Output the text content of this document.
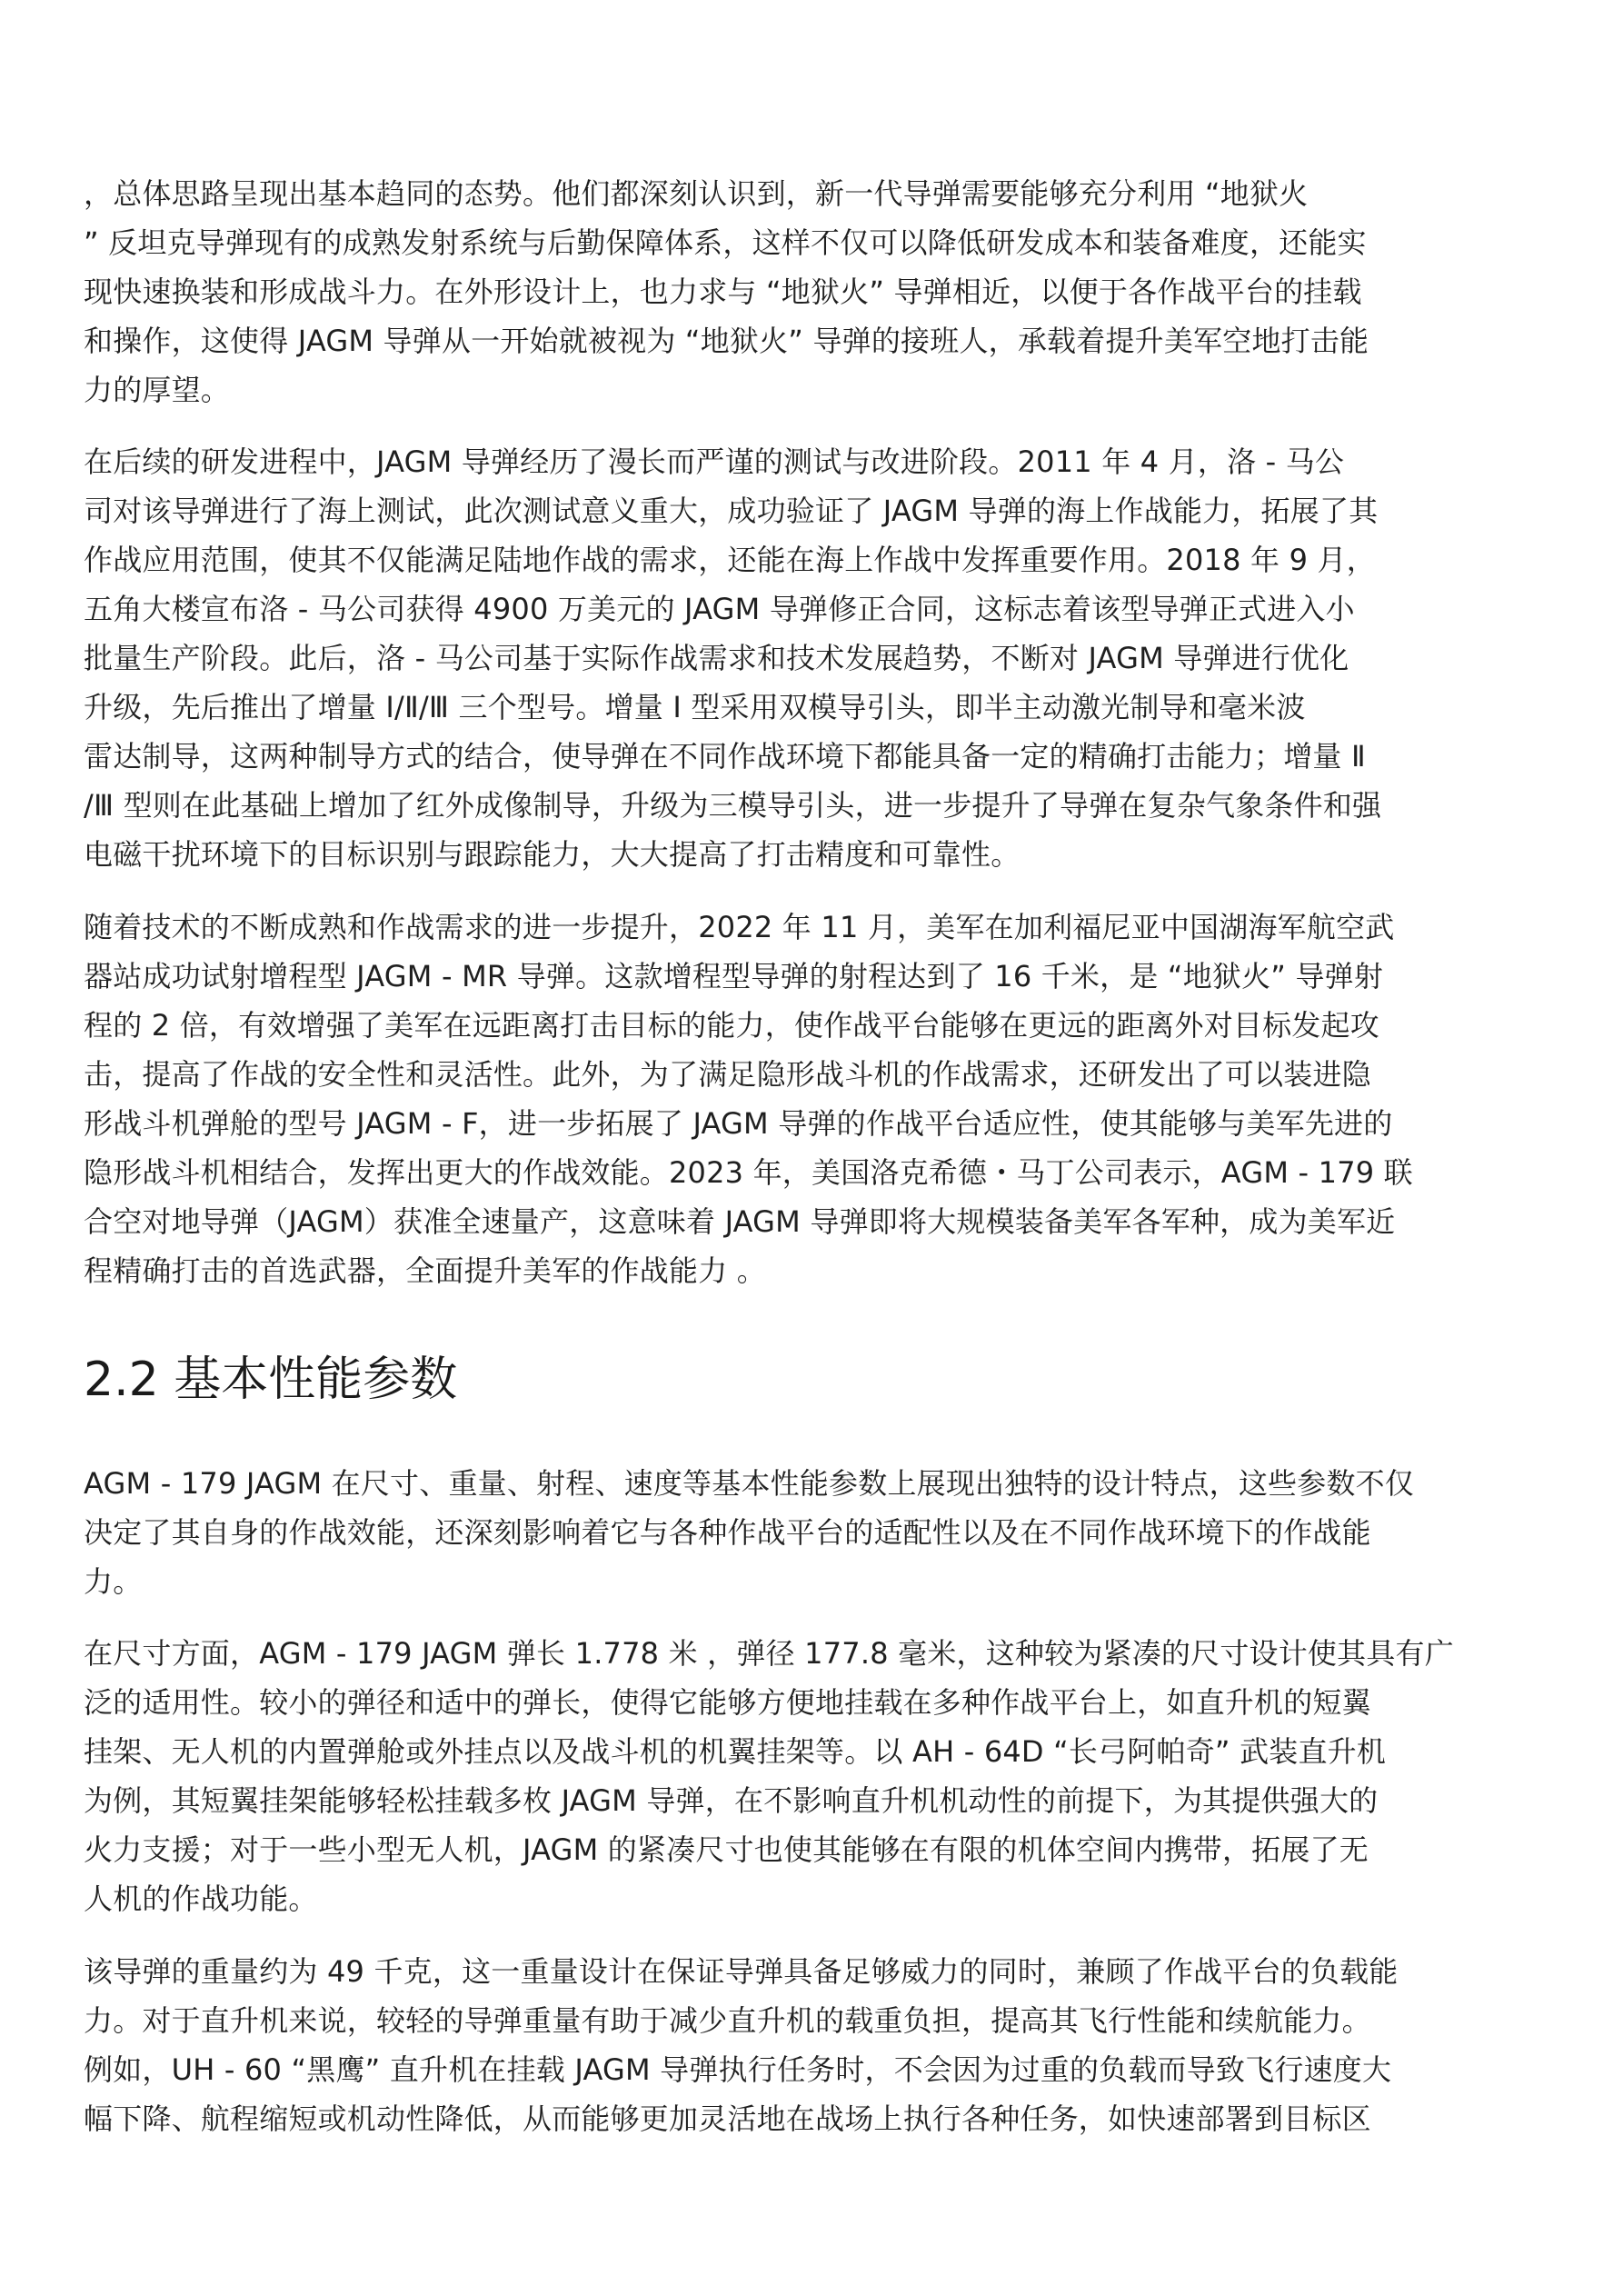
，总体思路呈现出基本趋同的态势。他们都深刻认识到，新一代导弹需要能够充分利用 “地狱火
” 反坦克导弹现有的成熟发射系统与后勤保障体系，这样不仅可以降低研发成本和装备难度，还能实
现快速换装和形成战斗力。在外形设计上，也力求与 “地狱火” 导弹相近，以便于各作战平台的挂载
和操作，这使得 JAGM 导弹从一开始就被视为 “地狱火” 导弹的接班人，承载着提升美军空地打击能
力的厚望。
在后续的研发进程中，JAGM 导弹经历了漫长而严谨的测试与改进阶段。2011 年 4 月，洛 - 马公
司对该导弹进行了海上测试，此次测试意义重大，成功验证了 JAGM 导弹的海上作战能力，拓展了其
作战应用范围，使其不仅能满足陆地作战的需求，还能在海上作战中发挥重要作用。2018 年 9 月，
五角大楼宣布洛 - 马公司获得 4900 万美元的 JAGM 导弹修正合同，这标志着该型导弹正式进入小
批量生产阶段。此后，洛 - 马公司基于实际作战需求和技术发展趋势，不断对 JAGM 导弹进行优化
升级，先后推出了增量 Ⅰ/Ⅱ/Ⅲ 三个型号。增量 Ⅰ 型采用双模导引头，即半主动激光制导和毫米波
雷达制导，这两种制导方式的结合，使导弹在不同作战环境下都能具备一定的精确打击能力；增量 Ⅱ
/Ⅲ 型则在此基础上增加了红外成像制导，升级为三模导引头，进一步提升了导弹在复杂气象条件和强
电磁干扰环境下的目标识别与跟踪能力，大大提高了打击精度和可靠性。
随着技术的不断成熟和作战需求的进一步提升，2022 年 11 月，美军在加利福尼亚中国湖海军航空武
器站成功试射增程型 JAGM - MR 导弹。这款增程型导弹的射程达到了 16 千米，是 “地狱火” 导弹射
程的 2 倍，有效增强了美军在远距离打击目标的能力，使作战平台能够在更远的距离外对目标发起攻
击，提高了作战的安全性和灵活性。此外，为了满足隐形战斗机的作战需求，还研发出了可以装进隐
形战斗机弹舱的型号 JAGM - F，进一步拓展了 JAGM 导弹的作战平台适应性，使其能够与美军先进的
隐形战斗机相结合，发挥出更大的作战效能。2023 年，美国洛克希德・马丁公司表示，AGM - 179 联
合空对地导弹（JAGM）获准全速量产，这意味着 JAGM 导弹即将大规模装备美军各军种，成为美军近
程精确打击的首选武器，全面提升美军的作战能力 。
2.2 基本性能参数
AGM - 179 JAGM 在尺寸、重量、射程、速度等基本性能参数上展现出独特的设计特点，这些参数不仅
决定了其自身的作战效能，还深刻影响着它与各种作战平台的适配性以及在不同作战环境下的作战能
力。
在尺寸方面，AGM - 179 JAGM 弹长 1.778 米 ，弹径 177.8 毫米，这种较为紧凑的尺寸设计使其具有广
泛的适用性。较小的弹径和适中的弹长，使得它能够方便地挂载在多种作战平台上，如直升机的短翼
挂架、无人机的内置弹舱或外挂点以及战斗机的机翼挂架等。以 AH - 64D “长弓阿帕奇” 武装直升机
为例，其短翼挂架能够轻松挂载多枚 JAGM 导弹，在不影响直升机机动性的前提下，为其提供强大的
火力支援；对于一些小型无人机，JAGM 的紧凑尺寸也使其能够在有限的机体空间内携带，拓展了无
人机的作战功能。
该导弹的重量约为 49 千克，这一重量设计在保证导弹具备足够威力的同时，兼顾了作战平台的负载能
力。对于直升机来说，较轻的导弹重量有助于减少直升机的载重负担，提高其飞行性能和续航能力。
例如，UH - 60 “黑鹰” 直升机在挂载 JAGM 导弹执行任务时，不会因为过重的负载而导致飞行速度大
幅下降、航程缩短或机动性降低，从而能够更加灵活地在战场上执行各种任务，如快速部署到目标区
